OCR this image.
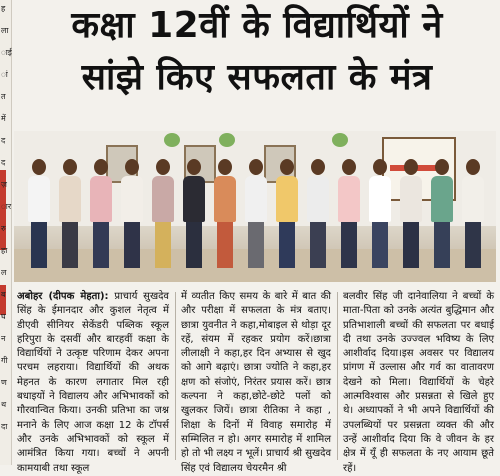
ह
ला
ाई
ां
त
में
द
द
ज़
ार
रु
हा
ल
ब
घ
न
गी
ण
थ
दा
कक्षा 12वीं के विद्यार्थियों ने
सांझे किए सफलता के मंत्र

अबोहर (दीपक मेहता): प्राचार्य सुखदेव सिंह के ईमानदार और कुशल नेतृत्व में डीएवी सीनियर सेकेंडरी पब्लिक स्कूल हरिपुरा के दसवीं और बारहवीं कक्षा के विद्यार्थियों ने उत्कृष्ट परिणाम देकर अपना परचम लहराया। विद्यार्थियों की अथक मेहनत के कारण लगातार मिल रही बधाइयों ने विद्यालय और अभिभावकों को गौरवान्वित किया। उनकी प्रतिभा का जश्न मनाने के लिए आज कक्षा 12 के टॉपर्स और उनके अभिभावकों को स्कूल में आमंत्रित किया गया। बच्चों ने अपनी कामयाबी तथा स्कूल

में व्यतीत किए समय के बारे में बात की और परीक्षा में सफलता के मंत्र बताए।छात्रा युवनीत ने कहा,मोबाइल से थोड़ा दूर रहें, संयम में रहकर प्रयोग करें।छात्रा लीलाक्षी ने कहा,हर दिन अभ्यास से खुद को आगे बढ़ाएं। छात्रा ज्योति ने कहा,हर क्षण को संजोएं, निरंतर प्रयास करें। छात्र कल्पना ने कहा,छोटे-छोटे पलों को खुलकर जियें। छात्रा रीतिका ने कहा , शिक्षा के दिनों में विवाह समारोह में सम्मिलित न हो। अगर समारोह में शामिल हो तो भी लक्ष्य न भूलें। प्राचार्य श्री सुखदेव सिंह एवं विद्यालय चेयरमैन श्री

बलवीर सिंह जी दानेवालिया ने बच्चों के माता-पिता को उनके अत्यंत बुद्धिमान और प्रतिभाशाली बच्चों की सफलता पर बधाई दी तथा उनके उज्ज्वल भविष्य के लिए आशीर्वाद दिया।इस अवसर पर विद्यालय प्रांगण में उल्लास और गर्व का वातावरण देखने को मिला। विद्यार्थियों के चेहरे आत्मविश्वास और प्रसन्नता से खिले हुए थे। अध्यापकों ने भी अपने विद्यार्थियों की उपलब्धियों पर प्रसन्नता व्यक्त की और उन्हें आशीर्वाद दिया कि वे जीवन के हर क्षेत्र में यूँ ही सफलता के नए आयाम छूते रहें।
